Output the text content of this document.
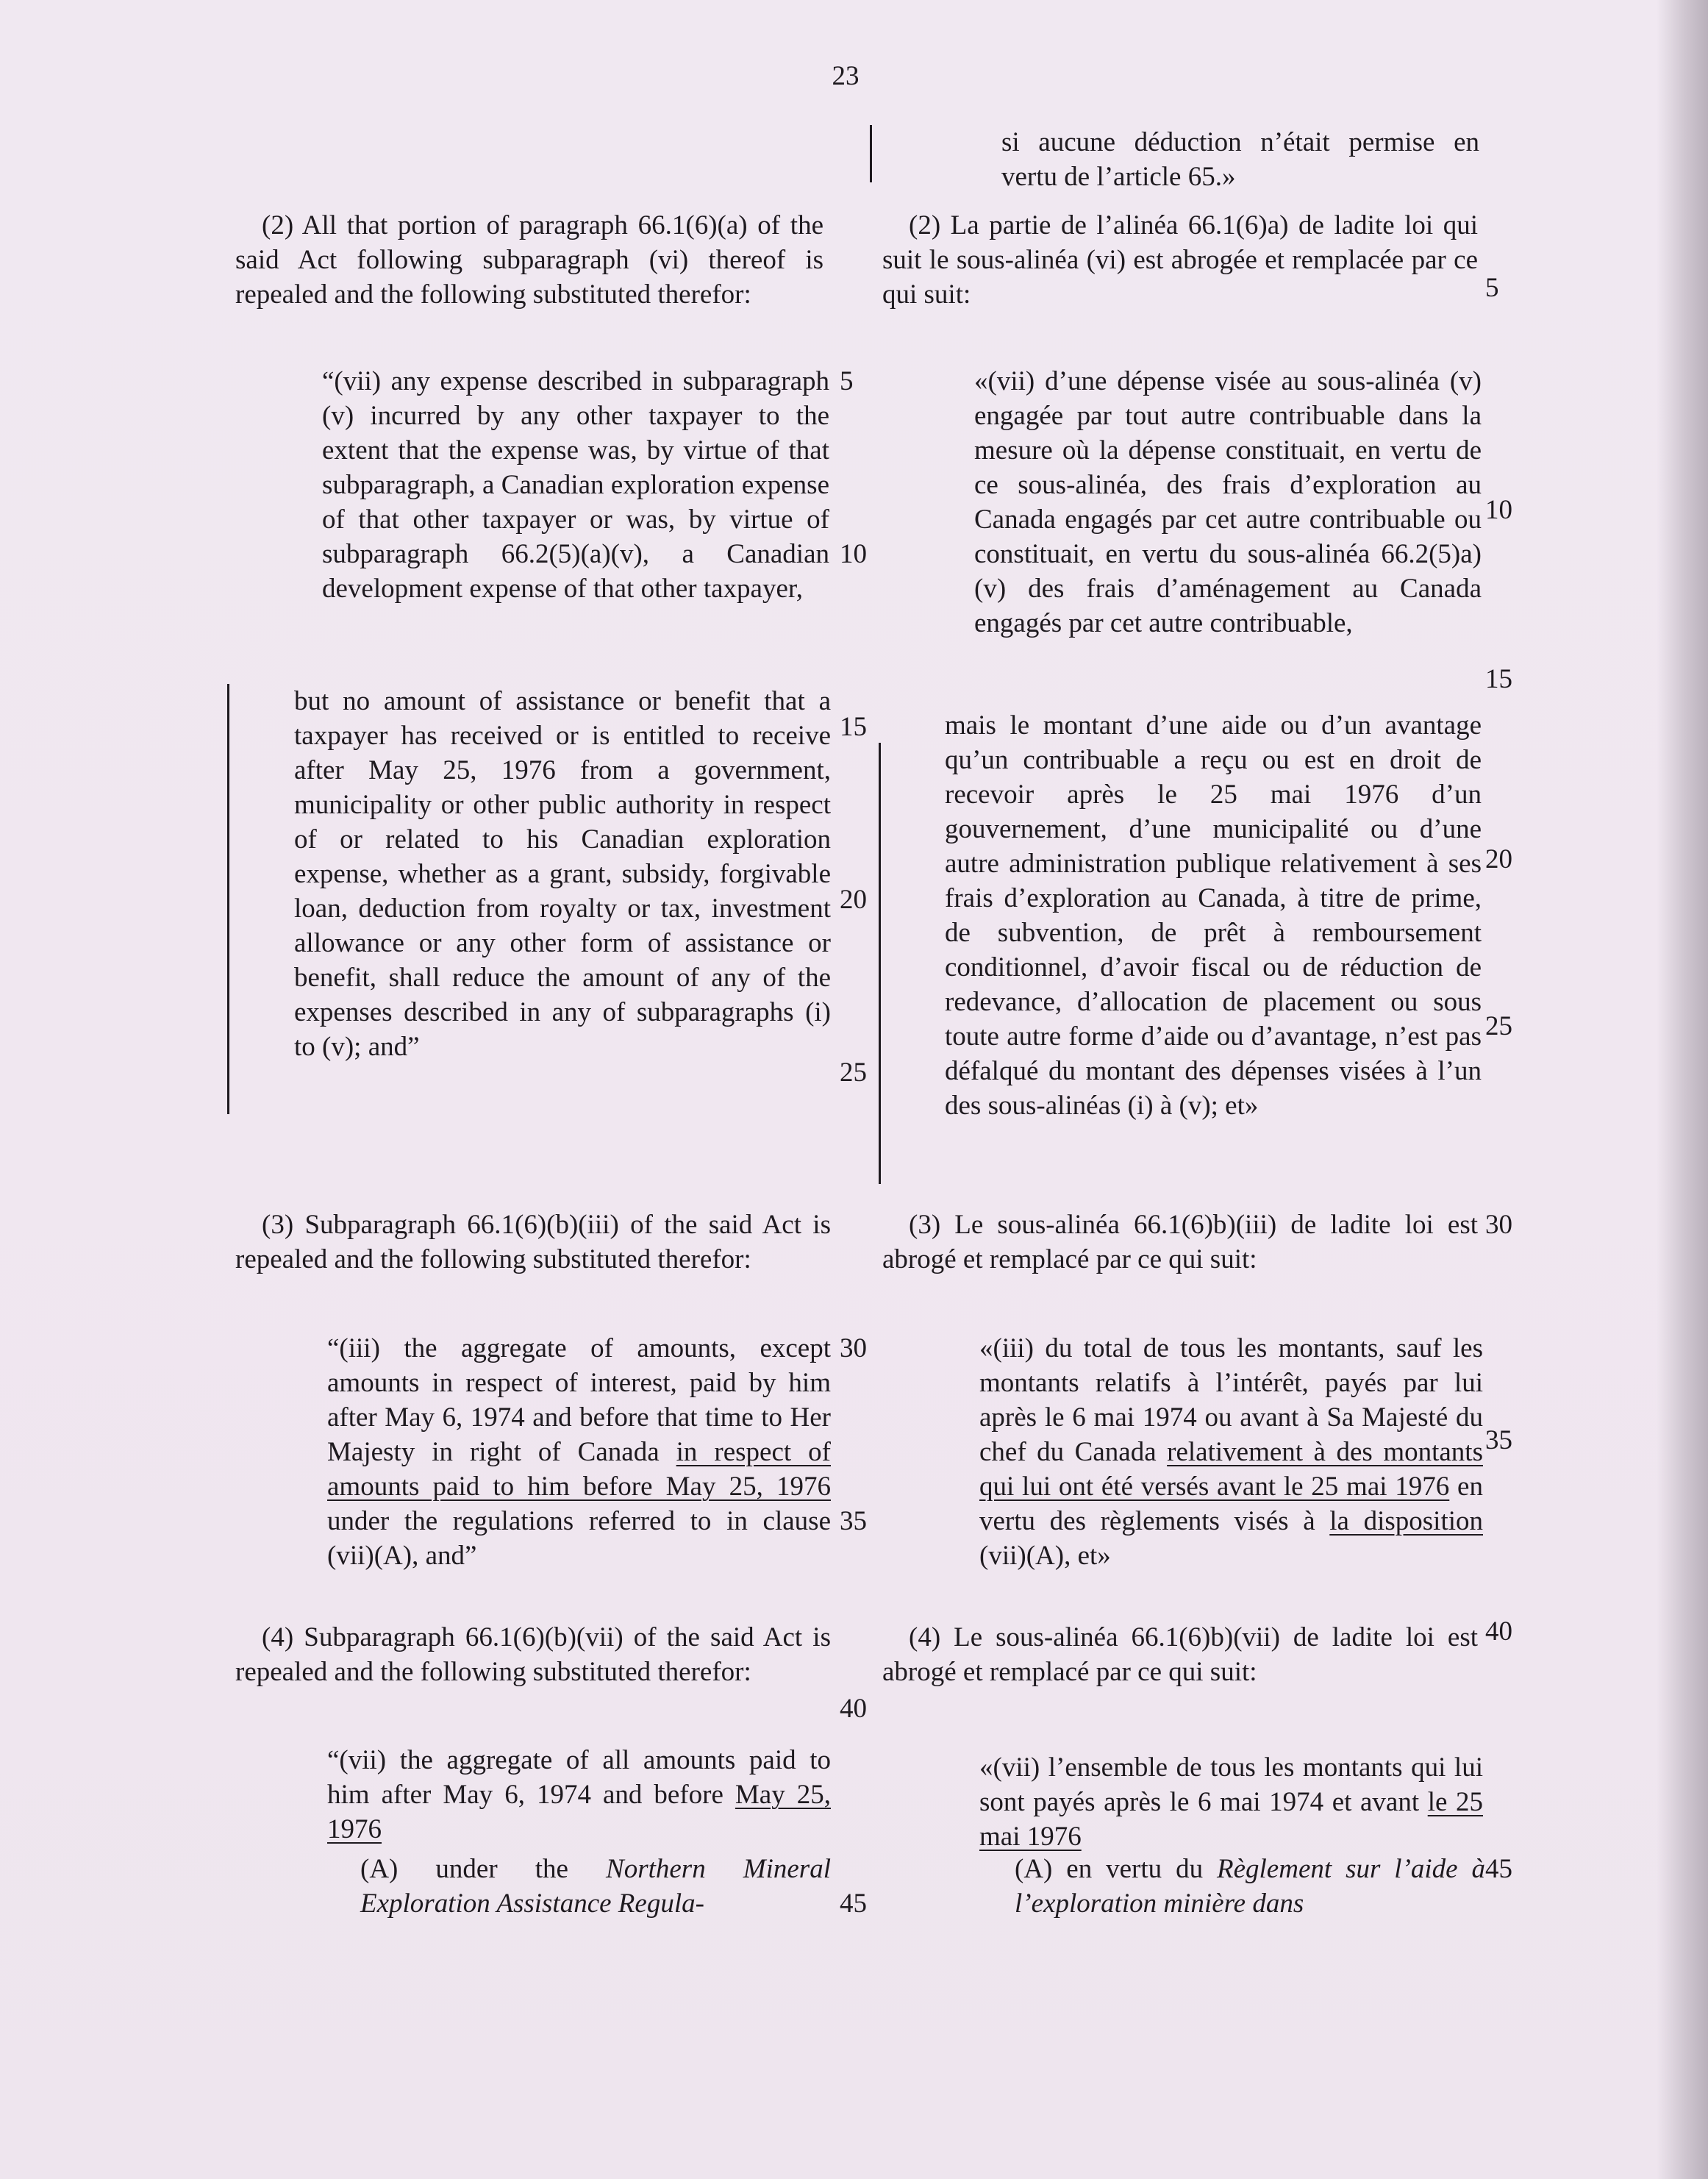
23
(2) All that portion of paragraph 66.1(6)(a) of the said Act following subparagraph (vi) thereof is repealed and the following substituted therefor:
“(vii) any expense described in subparagraph (v) incurred by any other taxpayer to the extent that the expense was, by virtue of that subparagraph, a Canadian exploration expense of that other taxpayer or was, by virtue of subparagraph 66.2(5)(a)(v), a Canadian development expense of that other taxpayer,
but no amount of assistance or benefit that a taxpayer has received or is entitled to receive after May 25, 1976 from a government, municipality or other public authority in respect of or related to his Canadian exploration expense, whether as a grant, subsidy, forgivable loan, deduction from royalty or tax, investment allowance or any other form of assistance or benefit, shall reduce the amount of any of the expenses described in any of subparagraphs (i) to (v); and”
(3) Subparagraph 66.1(6)(b)(iii) of the said Act is repealed and the following substituted therefor:
“(iii) the aggregate of amounts, except amounts in respect of interest, paid by him after May 6, 1974 and before that time to Her Majesty in right of Canada in respect of amounts paid to him before May 25, 1976 under the regulations referred to in clause (vii)(A), and”
(4) Subparagraph 66.1(6)(b)(vii) of the said Act is repealed and the following substituted therefor:
“(vii) the aggregate of all amounts paid to him after May 6, 1974 and before May 25, 1976
(A) under the Northern Mineral Exploration Assistance Regula-
si aucune déduction n’était permise en vertu de l’article 65.»
(2) La partie de l’alinéa 66.1(6)a) de ladite loi qui suit le sous-alinéa (vi) est abrogée et remplacée par ce qui suit:
«(vii) d’une dépense visée au sous-alinéa (v) engagée par tout autre contribuable dans la mesure où la dépense constituait, en vertu de ce sous-alinéa, des frais d’exploration au Canada engagés par cet autre contribuable ou constituait, en vertu du sous-alinéa 66.2(5)a)(v) des frais d’aménagement au Canada engagés par cet autre contribuable,
mais le montant d’une aide ou d’un avantage qu’un contribuable a reçu ou est en droit de recevoir après le 25 mai 1976 d’un gouvernement, d’une municipalité ou d’une autre administration publique relativement à ses frais d’exploration au Canada, à titre de prime, de subvention, de prêt à remboursement conditionnel, d’avoir fiscal ou de réduction de redevance, d’allocation de placement ou sous toute autre forme d’aide ou d’avantage, n’est pas défalqué du montant des dépenses visées à l’un des sous-alinéas (i) à (v); et»
(3) Le sous-alinéa 66.1(6)b)(iii) de ladite loi est abrogé et remplacé par ce qui suit:
«(iii) du total de tous les montants, sauf les montants relatifs à l’intérêt, payés par lui après le 6 mai 1974 ou avant à Sa Majesté du chef du Canada relativement à des montants qui lui ont été versés avant le 25 mai 1976 en vertu des règlements visés à la disposition (vii)(A), et»
(4) Le sous-alinéa 66.1(6)b)(vii) de ladite loi est abrogé et remplacé par ce qui suit:
«(vii) l’ensemble de tous les montants qui lui sont payés après le 6 mai 1974 et avant le 25 mai 1976
(A) en vertu du Règlement sur l’aide à l’exploration minière dans
5
10
15
20
25
30
35
40
45
5
10
15
20
25
30
35
40
45
